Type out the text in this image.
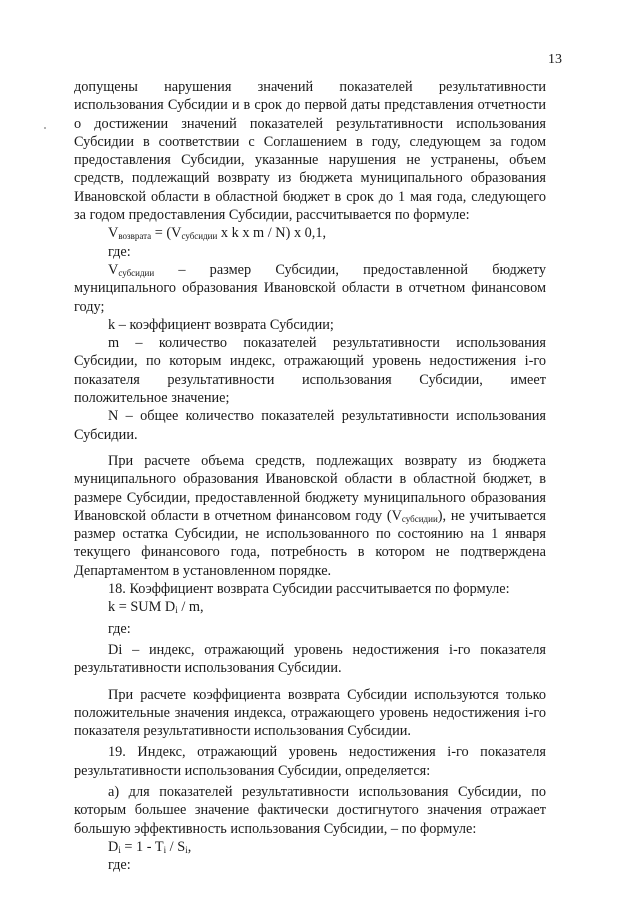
13

допущены нарушения значений показателей результативности использования Субсидии и в срок до первой даты представления отчетности о достижении значений показателей результативности использования Субсидии в соответствии с Соглашением в году, следующем за годом предоставления Субсидии, указанные нарушения не устранены, объем средств, подлежащий возврату из бюджета муниципального образования Ивановской области в областной бюджет в срок до 1 мая года, следующего за годом предоставления Субсидии, рассчитывается по формуле:

$V_{возврата} = (V_{субсидии}$ x k x m / N) x 0,1,

где:

$V_{субсидии}$ – размер Субсидии, предоставленной бюджету муниципального образования Ивановской области в отчетном финансовом году;

k – коэффициент возврата Субсидии;

m – количество показателей результативности использования Субсидии, по которым индекс, отражающий уровень недостижения i-го показателя результативности использования Субсидии, имеет положительное значение;

N – общее количество показателей результативности использования Субсидии.

При расчете объема средств, подлежащих возврату из бюджета муниципального образования Ивановской области в областной бюджет, в размере Субсидии, предоставленной бюджету муниципального образования Ивановской области в отчетном финансовом году $(V_{субсидии})$, не учитывается размер остатка Субсидии, не использованного по состоянию на 1 января текущего финансового года, потребность в котором не подтверждена Департаментом в установленном порядке.

18. Коэффициент возврата Субсидии рассчитывается по формуле:

k = SUM $D_i$ / m,

где:

Di – индекс, отражающий уровень недостижения i-го показателя результативности использования Субсидии.

При расчете коэффициента возврата Субсидии используются только положительные значения индекса, отражающего уровень недостижения i-го показателя результативности использования Субсидии.

19. Индекс, отражающий уровень недостижения i-го показателя результативности использования Субсидии, определяется:

а) для показателей результативности использования Субсидии, по которым большее значение фактически достигнутого значения отражает большую эффективность использования Субсидии, – по формуле:

$D_i = 1 - T_i / S_i$,

где:
